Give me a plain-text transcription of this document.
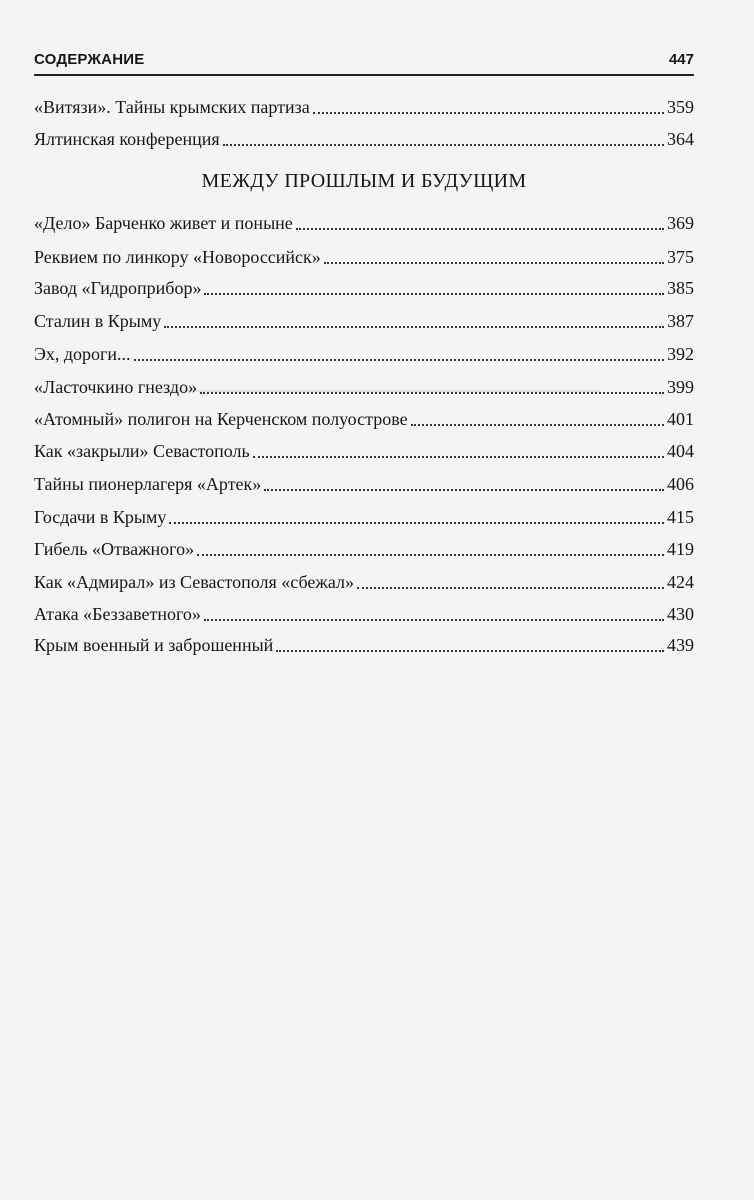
СОДЕРЖАНИЕ	447
«Витязи». Тайны крымских партиза	359
Ялтинская конференция	364
МЕЖДУ ПРОШЛЫМ И БУДУЩИМ
«Дело» Барченко живет и поныне	369
Реквием по линкору «Новороссийск»	375
Завод «Гидроприбор»	385
Сталин в Крыму	387
Эх, дороги...	392
«Ласточкино гнездо»	399
«Атомный» полигон на Керченском полуострове	401
Как «закрыли» Севастополь	404
Тайны пионерлагеря «Артек»	406
Госдачи в Крыму	415
Гибель «Отважного»	419
Как «Адмирал» из Севастополя «сбежал»	424
Атака «Беззаветного»	430
Крым военный и заброшенный	439
